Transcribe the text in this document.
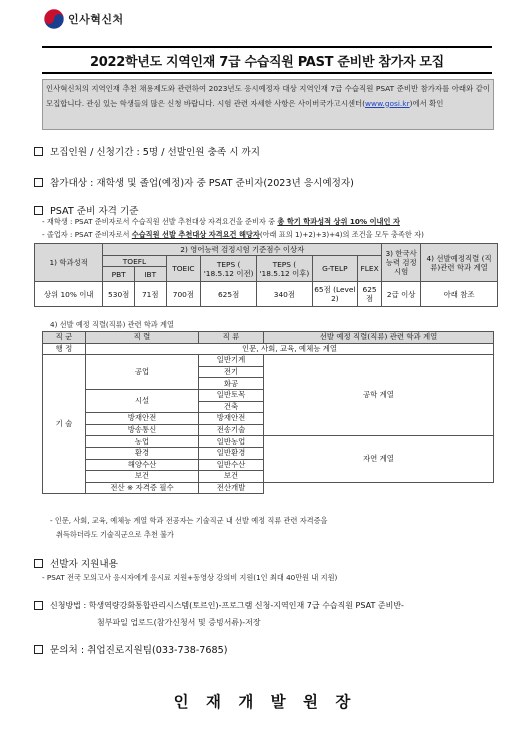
인사혁신처
2022학년도 지역인재 7급 수습직원 PAST 준비반 참가자 모집
인사혁신처의 지역인재 추천 채용제도와 관련하여 2023년도 응시예정자 대상 지역인재 7급 수습직원 PSAT 준비반 참가자를 아래와 같이 모집합니다. 관심 있는 학생들의 많은 신청 바랍니다. 시험 관련 자세한 사항은 사이버국가고시센터(www.gosi.kr)에서 확인
모집인원 / 신청기간 : 5명 / 선발인원 충족 시 까지
참가대상 : 재학생 및 졸업(예정)자 중 PSAT 준비자(2023년 응시예정자)
PSAT 준비 자격 기준
- 재학생 : PSAT 준비자로서 수습직원 선발 추천대상 자격요건을 준비자 중 총 학기 학과성적 상위 10% 이내인 자
- 졸업자 : PSAT 준비자로서 수습직원 선발 추천대상 자격요건 해당자(아래 표의 1)+2)+3)+4)의 조건을 모두 충족한 자)
1) 학과성적	2) 영어능력 검정시험 기준점수 이상자							3) 한국사능력 검정시험	4) 선발예정직렬 (직류)관련 학과 계열
	TOEFL		TOEIC	TEPS ( '18.5.12 이전)	TEPS ( '18.5.12 이후)	G-TELP	FLEX		
	PBT	IBT							
상위 10% 이내	530점	71점	700점	625점	340점	65점 (Level 2)	625점	2급 이상	아래 참조
4) 선발 예정 직렬(직류) 관련 학과 계열
직 군	직 렬	직 류	선발 예정 직렬(직류) 관련 학과 계열
행 정	인문, 사회, 교육, 예체능 계열		
기 술	공업	일반기계	공학 계열
		전기	
		화공	
	시설	일반토목	
		건축	
	방재안전	방재안전	
	방송통신	전송기술	
	농업	일반농업	자연 계열
	환경	일반환경	
	해양수산	일반수산	
	보건	보건	
	전산 ※ 자격증 필수	전산개발	
- 인문, 사회, 교육, 예체능 계열 학과 전공자는 기술직군 내 선발 예정 직류 관련 자격증을
취득하더라도 기술직군으로 추천 불가
선발자 지원내용
- PSAT 전국 모의고사 응시자에게 응시료 지원+동영상 강의비 지원(1인 최대 40만원 내 지원)
신청방법 : 학생역량강화통합관리시스템(토르인)-프로그램 신청-지역인재 7급 수습직원 PSAT 준비반-
첨부파일 업로드(참가신청서 및 증빙서류)-저장
문의처 : 취업진로지원팀(033-738-7685)
인 재 개 발 원 장
